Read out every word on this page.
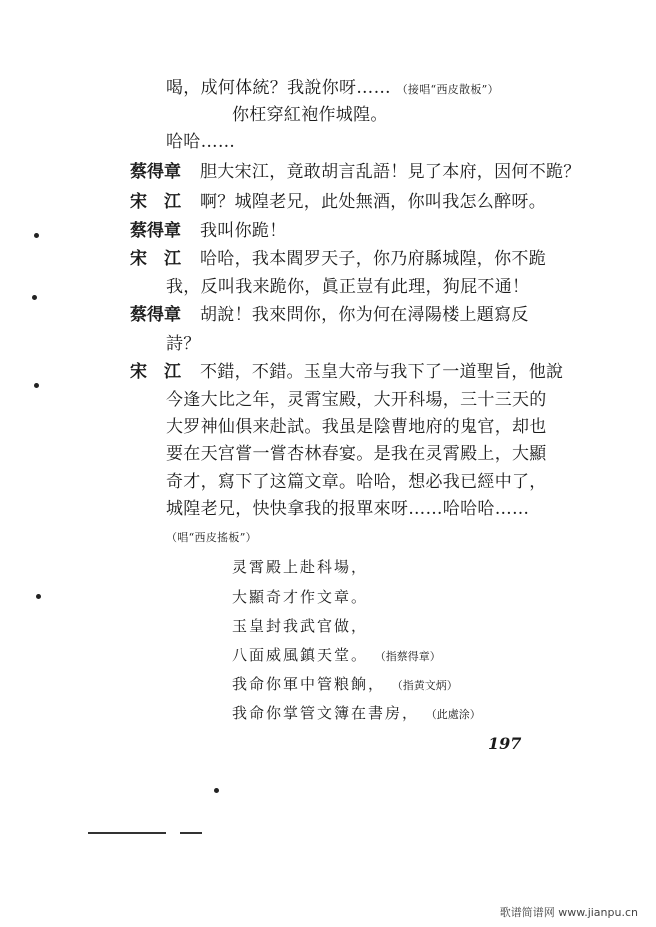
喝，成何体統？我說你呀…… （接唱“西皮散板”）
你枉穿紅袍作城隍。
哈哈……
蔡得章 胆大宋江，竟敢胡言乱語！見了本府，因何不跪？
宋　江 啊？城隍老兄，此处無酒，你叫我怎么醉呀。
蔡得章 我叫你跪！
宋　江 哈哈，我本閻罗天子，你乃府縣城隍，你不跪
我，反叫我来跪你，眞正豈有此理，狗屁不通！
蔡得章 胡說！我來問你，你为何在潯陽楼上題寫反
詩？
宋　江 不錯，不錯。玉皇大帝与我下了一道聖旨，他說
今逢大比之年，灵霄宝殿，大开科場，三十三天的
大罗神仙俱来赴試。我虽是陰曹地府的鬼官，却也
要在天宫嘗一嘗杏林春宴。是我在灵霄殿上，大顯
奇才，寫下了这篇文章。哈哈，想必我已經中了，
城隍老兄，快快拿我的报單來呀……哈哈哈……
（唱“西皮搖板”）
灵霄殿上赴科場，
大顯奇才作文章。
玉皇封我武官做，
八面威風鎮天堂。 （指蔡得章）
我命你軍中管粮餉， （指黄文炳）
我命你掌管文簿在書房， （此處涂）
197
歌谱简谱网 www.jianpu.cn
